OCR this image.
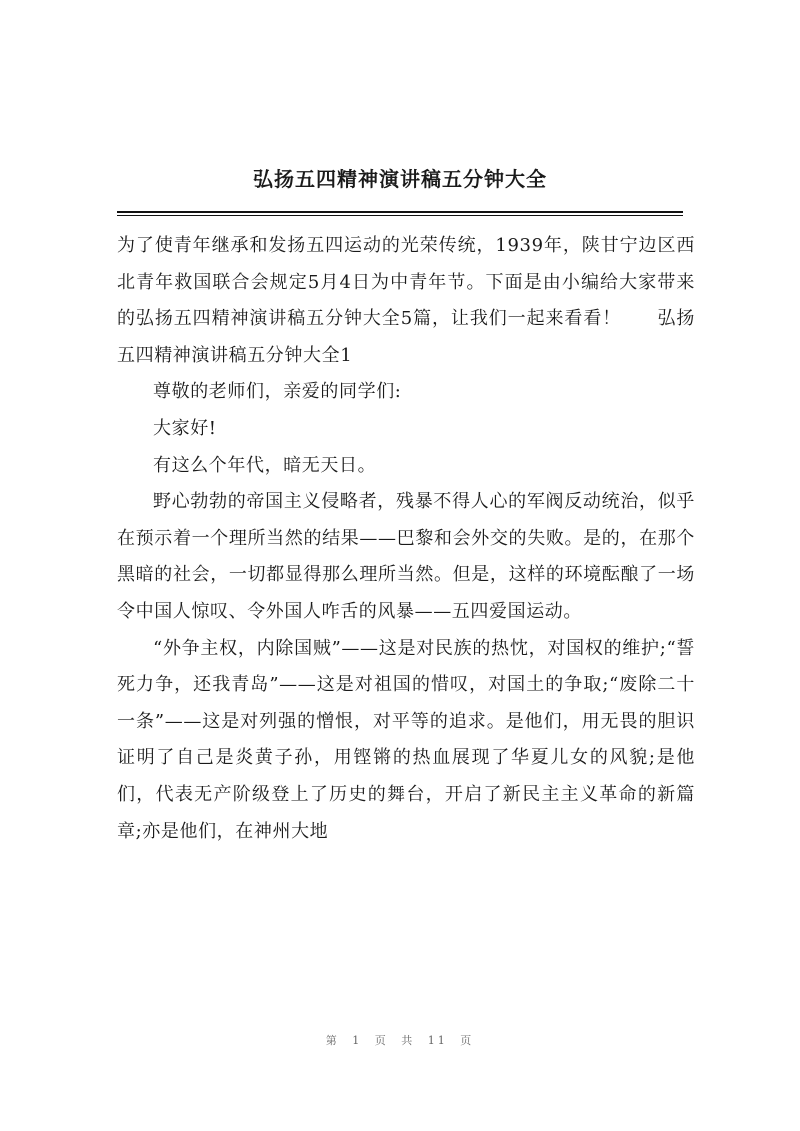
弘扬五四精神演讲稿五分钟大全

为了使青年继承和发扬五四运动的光荣传统，1939年，陕甘宁边区西北青年救国联合会规定5月4日为中青年节。下面是由小编给大家带来的弘扬五四精神演讲稿五分钟大全5篇，让我们一起来看看！ 弘扬五四精神演讲稿五分钟大全1

尊敬的老师们，亲爱的同学们:

大家好!

有这么个年代，暗无天日。

野心勃勃的帝国主义侵略者，残暴不得人心的军阀反动统治，似乎在预示着一个理所当然的结果——巴黎和会外交的失败。是的，在那个黑暗的社会，一切都显得那么理所当然。但是，这样的环境酝酿了一场令中国人惊叹、令外国人咋舌的风暴——五四爱国运动。

“外争主权，内除国贼”——这是对民族的热忱，对国权的维护;“誓死力争，还我青岛”——这是对祖国的惜叹，对国土的争取;“废除二十一条”——这是对列强的憎恨，对平等的追求。是他们，用无畏的胆识证明了自己是炎黄子孙，用铿锵的热血展现了华夏儿女的风貌;是他们，代表无产阶级登上了历史的舞台，开启了新民主主义革命的新篇章;亦是他们，在神州大地

第 1 页 共 11 页
